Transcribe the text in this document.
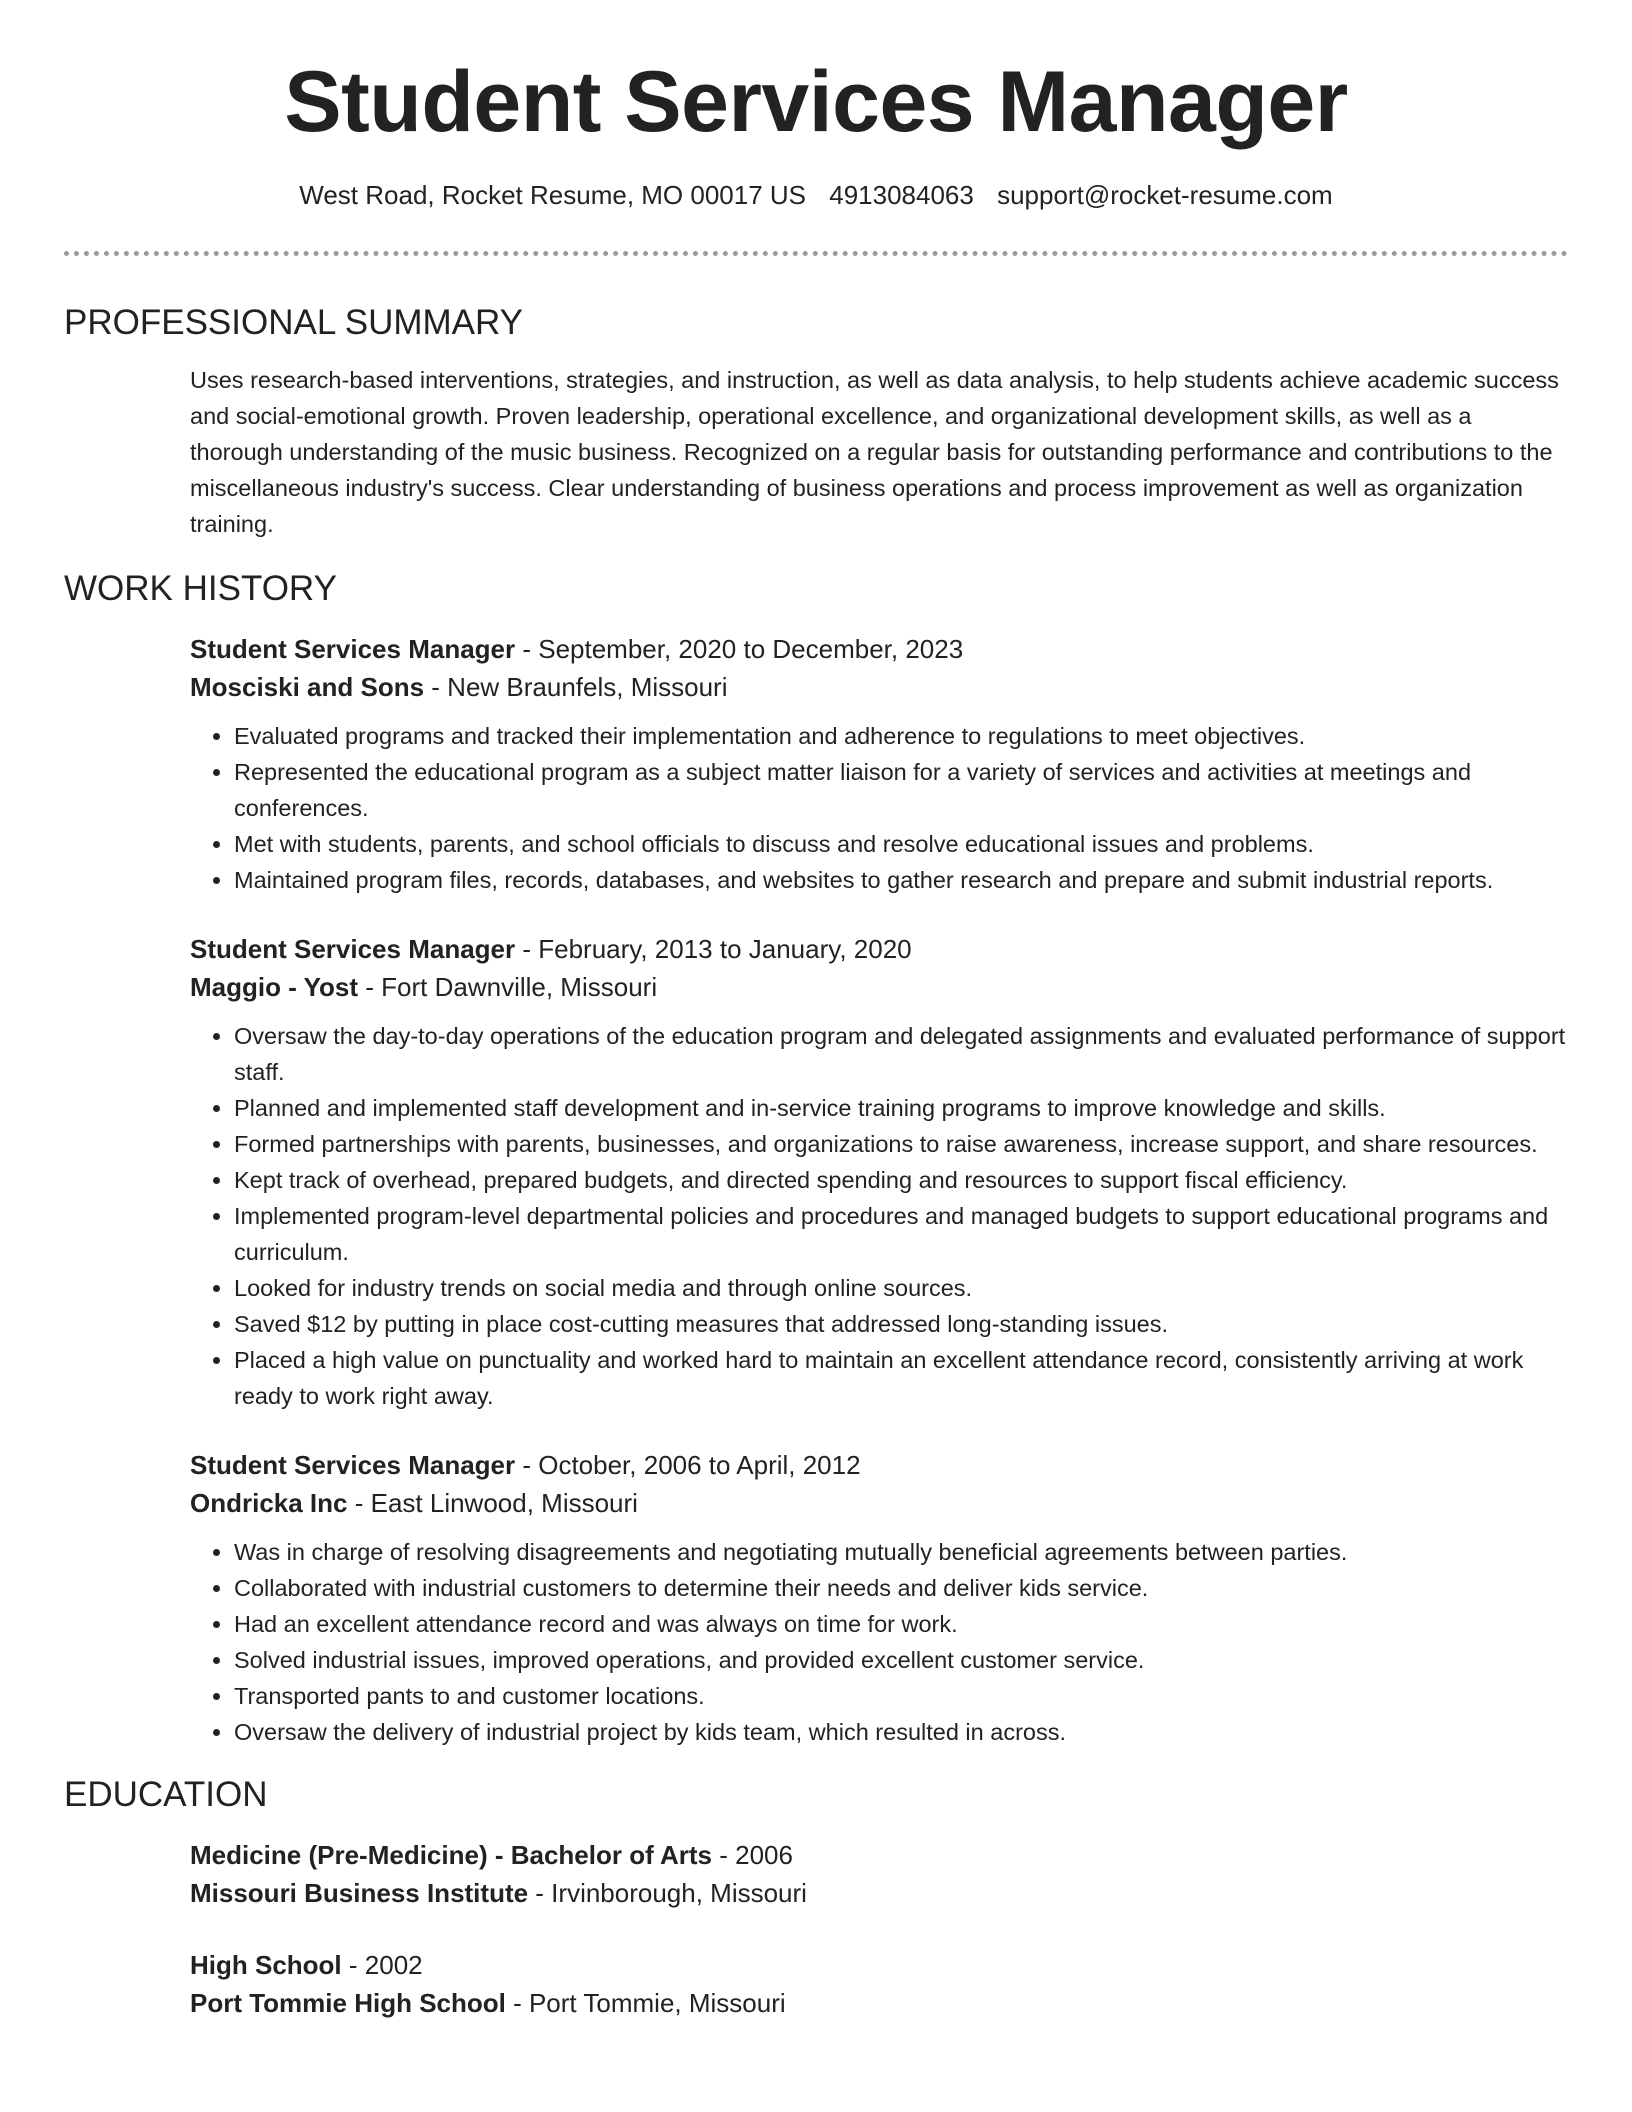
Student Services Manager
West Road, Rocket Resume, MO 00017 US 4913084063 support@rocket-resume.com
PROFESSIONAL SUMMARY

Uses research-based interventions, strategies, and instruction, as well as data analysis, to help students achieve academic success and social-emotional growth. Proven leadership, operational excellence, and organizational development skills, as well as a thorough understanding of the music business. Recognized on a regular basis for outstanding performance and contributions to the miscellaneous industry's success. Clear understanding of business operations and process improvement as well as organization training.

WORK HISTORY

Student Services Manager - September, 2020 to December, 2023

Mosciski and Sons - New Braunfels, Missouri

• Evaluated programs and tracked their implementation and adherence to regulations to meet objectives.
• Represented the educational program as a subject matter liaison for a variety of services and activities at meetings and conferences.
• Met with students, parents, and school officials to discuss and resolve educational issues and problems.
• Maintained program files, records, databases, and websites to gather research and prepare and submit industrial reports.

Student Services Manager - February, 2013 to January, 2020

Maggio - Yost - Fort Dawnville, Missouri

• Oversaw the day-to-day operations of the education program and delegated assignments and evaluated performance of support staff.
• Planned and implemented staff development and in-service training programs to improve knowledge and skills.
• Formed partnerships with parents, businesses, and organizations to raise awareness, increase support, and share resources.
• Kept track of overhead, prepared budgets, and directed spending and resources to support fiscal efficiency.
• Implemented program-level departmental policies and procedures and managed budgets to support educational programs and curriculum.
• Looked for industry trends on social media and through online sources.
• Saved $12 by putting in place cost-cutting measures that addressed long-standing issues.
• Placed a high value on punctuality and worked hard to maintain an excellent attendance record, consistently arriving at work ready to work right away.

Student Services Manager - October, 2006 to April, 2012

Ondricka Inc - East Linwood, Missouri

• Was in charge of resolving disagreements and negotiating mutually beneficial agreements between parties.
• Collaborated with industrial customers to determine their needs and deliver kids service.
• Had an excellent attendance record and was always on time for work.
• Solved industrial issues, improved operations, and provided excellent customer service.
• Transported pants to and customer locations.
• Oversaw the delivery of industrial project by kids team, which resulted in across.
EDUCATION

Medicine (Pre-Medicine) - Bachelor of Arts - 2006

Missouri Business Institute - Irvinborough, Missouri

High School - 2002

Port Tommie High School - Port Tommie, Missouri
